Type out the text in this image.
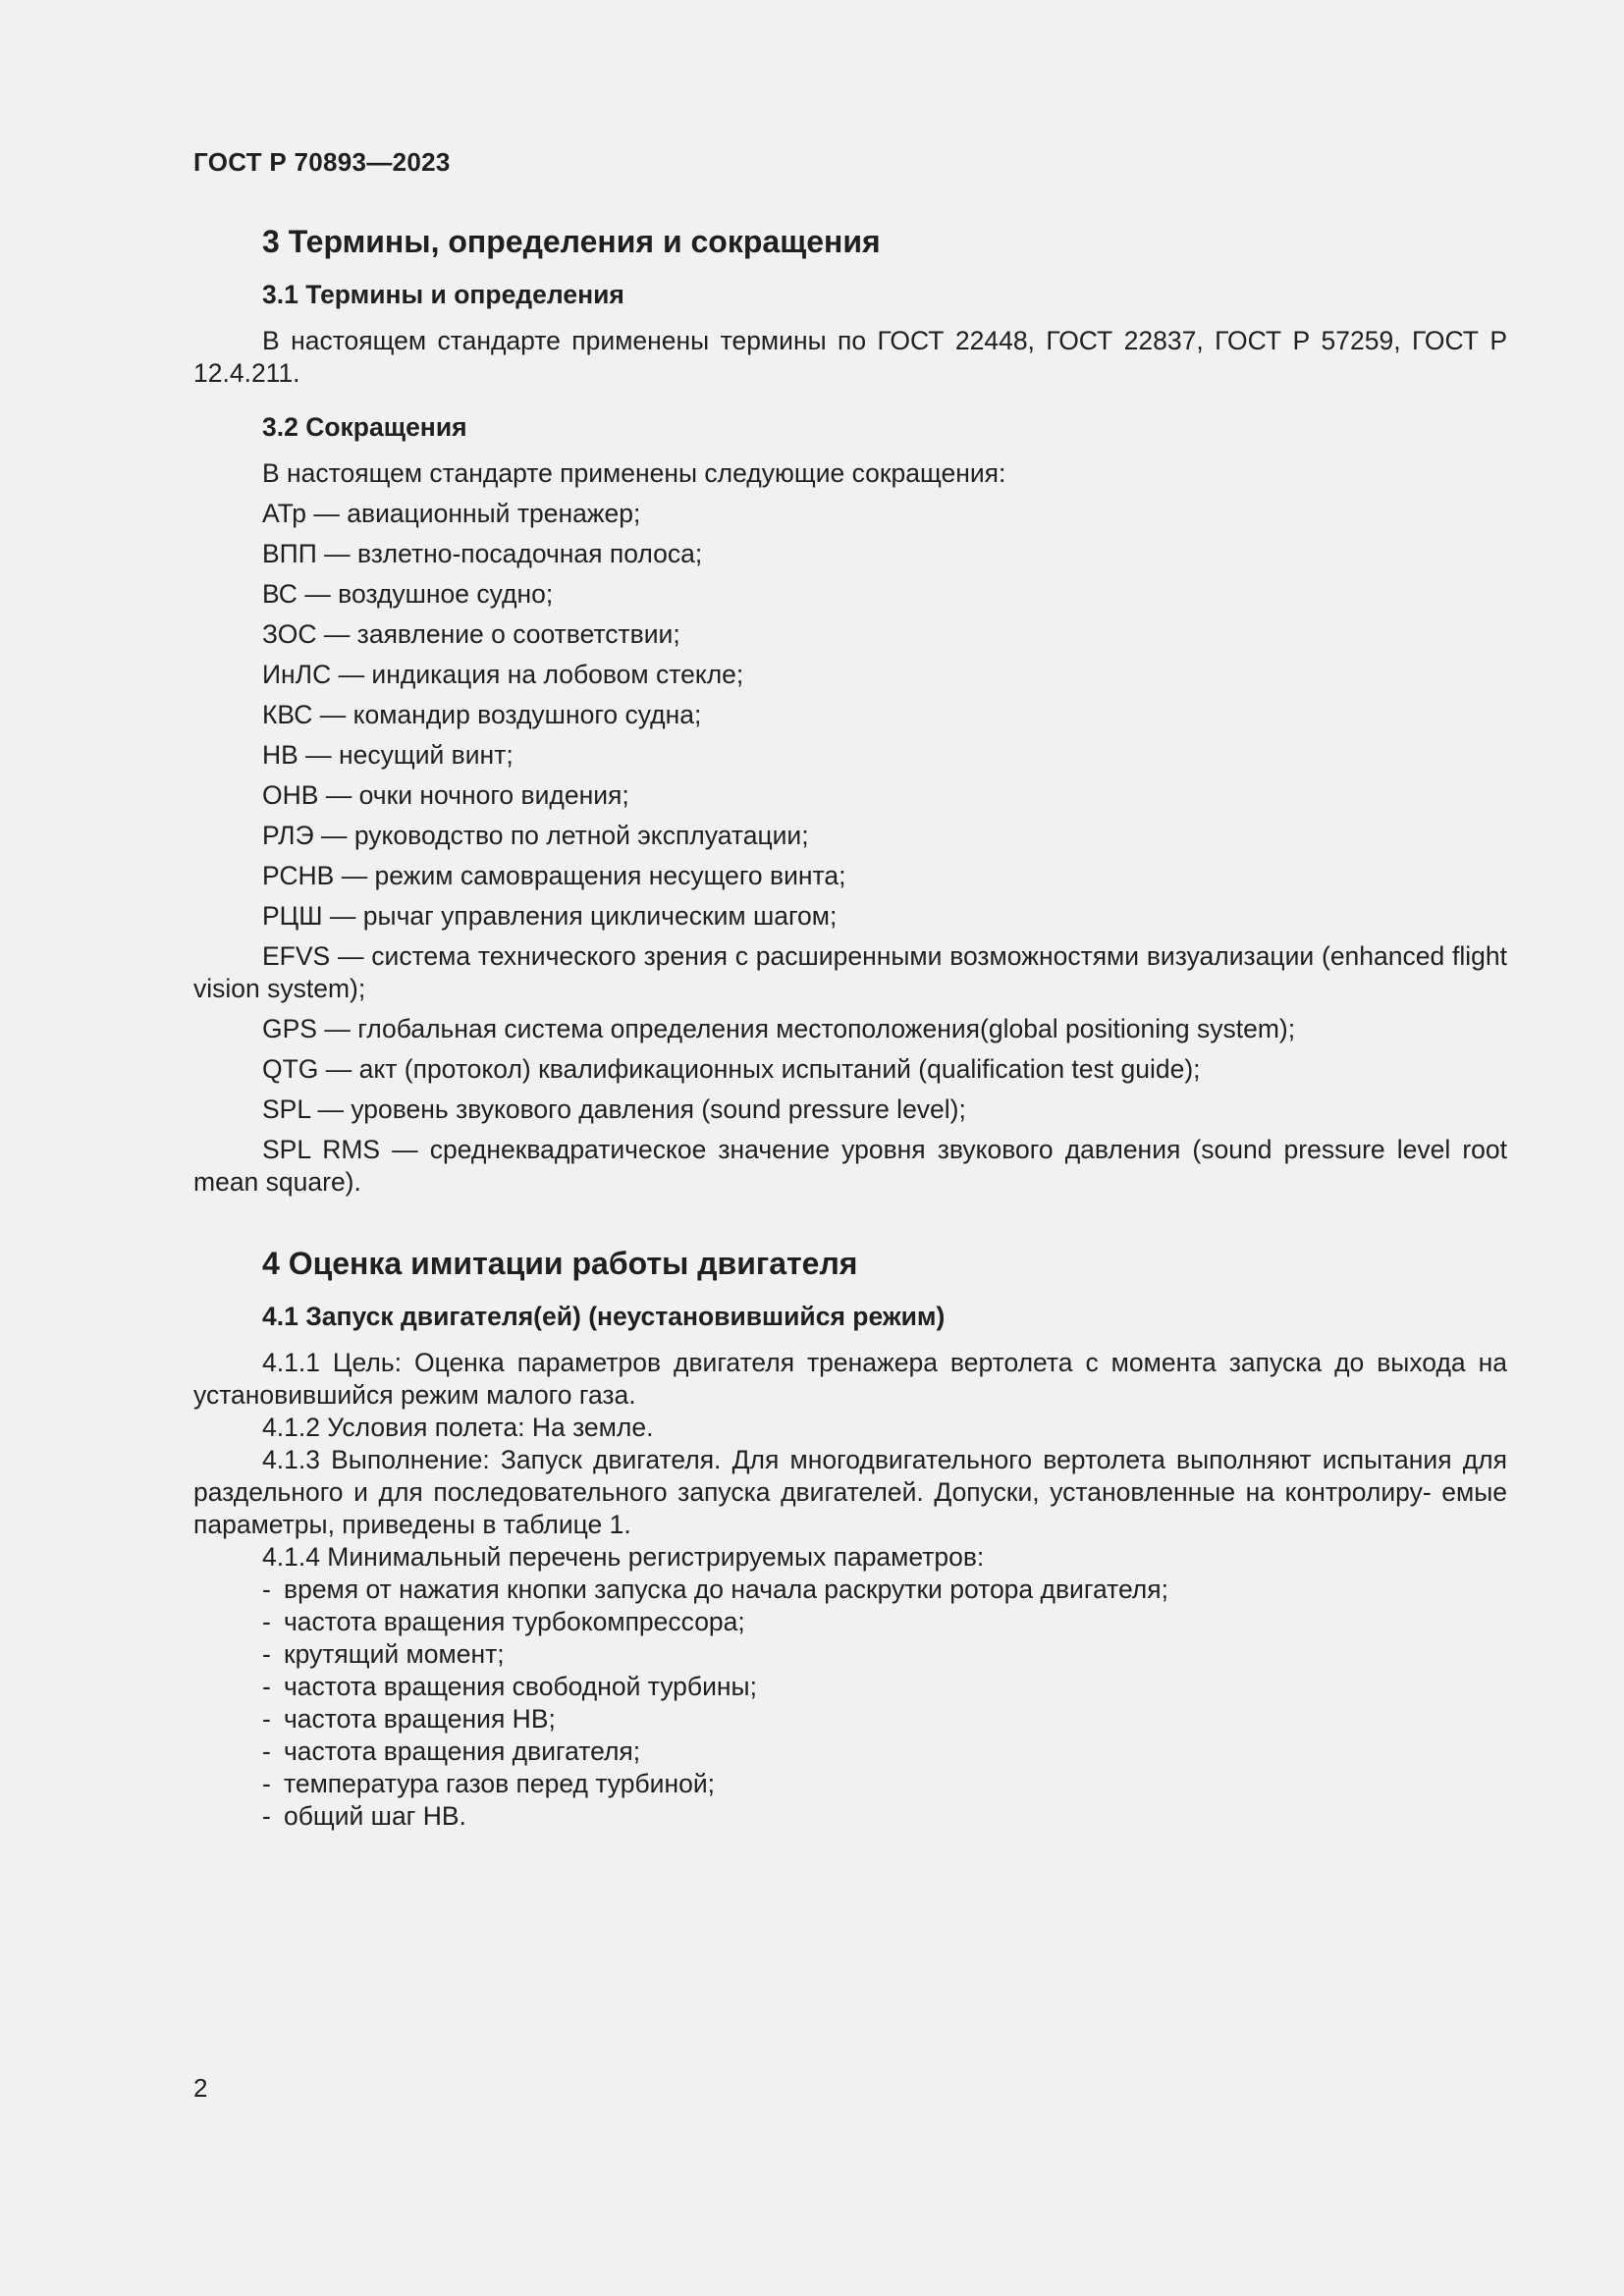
ГОСТ Р 70893—2023
3 Термины, определения и сокращения
3.1 Термины и определения

В настоящем стандарте применены термины по ГОСТ 22448, ГОСТ 22837, ГОСТ Р 57259, ГОСТ Р 12.4.211.

3.2 Сокращения

В настоящем стандарте применены следующие сокращения:

АТр — авиационный тренажер;

ВПП — взлетно-посадочная полоса;

ВС — воздушное судно;

ЗОС — заявление о соответствии;

ИнЛС — индикация на лобовом стекле;

КВС — командир воздушного судна;

НВ — несущий винт;

ОНВ — очки ночного видения;

РЛЭ — руководство по летной эксплуатации;

РСНВ — режим самовращения несущего винта;

РЦШ — рычаг управления циклическим шагом;

EFVS — система технического зрения с расширенными возможностями визуализации (enhanced flight vision system);

GPS — глобальная система определения местоположения(global positioning system);

QTG — акт (протокол) квалификационных испытаний (qualification test guide);

SPL — уровень звукового давления (sound pressure level);

SPL RMS — среднеквадратическое значение уровня звукового давления (sound pressure level root mean square).

4 Оценка имитации работы двигателя
4.1 Запуск двигателя(ей) (неустановившийся режим)

4.1.1 Цель: Оценка параметров двигателя тренажера вертолета с момента запуска до выхода на установившийся режим малого газа.

4.1.2 Условия полета: На земле.

4.1.3 Выполнение: Запуск двигателя. Для многодвигательного вертолета выполняют испытания для раздельного и для последовательного запуска двигателей. Допуски, установленные на контролиру- емые параметры, приведены в таблице 1.

4.1.4 Минимальный перечень регистрируемых параметров:

- время от нажатия кнопки запуска до начала раскрутки ротора двигателя;
- частота вращения турбокомпрессора;
- крутящий момент;
- частота вращения свободной турбины;
- частота вращения НВ;
- частота вращения двигателя;
- температура газов перед турбиной;
- общий шаг НВ.
2
